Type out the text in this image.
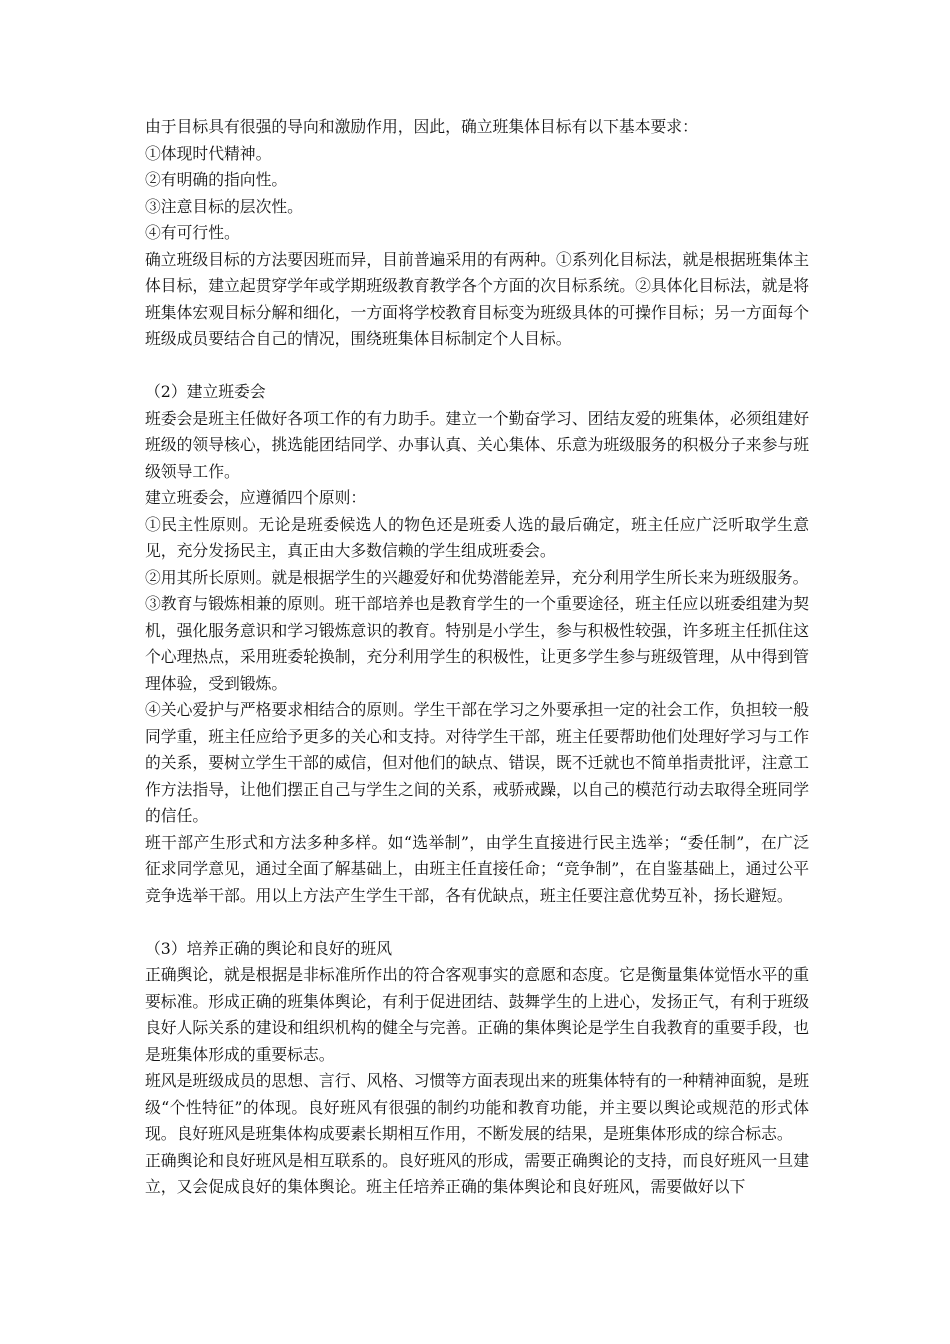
由于目标具有很强的导向和激励作用，因此，确立班集体目标有以下基本要求：

①体现时代精神。

②有明确的指向性。

③注意目标的层次性。

④有可行性。

确立班级目标的方法要因班而异，目前普遍采用的有两种。①系列化目标法，就是根据班集体主体目标，建立起贯穿学年或学期班级教育教学各个方面的次目标系统。②具体化目标法，就是将班集体宏观目标分解和细化，一方面将学校教育目标变为班级具体的可操作目标；另一方面每个班级成员要结合自己的情况，围绕班集体目标制定个人目标。

（2）建立班委会

班委会是班主任做好各项工作的有力助手。建立一个勤奋学习、团结友爱的班集体，必须组建好班级的领导核心，挑选能团结同学、办事认真、关心集体、乐意为班级服务的积极分子来参与班级领导工作。

建立班委会，应遵循四个原则：

①民主性原则。无论是班委候选人的物色还是班委人选的最后确定，班主任应广泛听取学生意见，充分发扬民主，真正由大多数信赖的学生组成班委会。

②用其所长原则。就是根据学生的兴趣爱好和优势潜能差异，充分利用学生所长来为班级服务。

③教育与锻炼相兼的原则。班干部培养也是教育学生的一个重要途径，班主任应以班委组建为契机，强化服务意识和学习锻炼意识的教育。特别是小学生，参与积极性较强，许多班主任抓住这个心理热点，采用班委轮换制，充分利用学生的积极性，让更多学生参与班级管理，从中得到管理体验，受到锻炼。

④关心爱护与严格要求相结合的原则。学生干部在学习之外要承担一定的社会工作，负担较一般同学重，班主任应给予更多的关心和支持。对待学生干部，班主任要帮助他们处理好学习与工作的关系，要树立学生干部的威信，但对他们的缺点、错误，既不迁就也不简单指责批评，注意工作方法指导，让他们摆正自己与学生之间的关系，戒骄戒躁，以自己的模范行动去取得全班同学的信任。

班干部产生形式和方法多种多样。如“选举制”，由学生直接进行民主选举；“委任制”，在广泛征求同学意见，通过全面了解基础上，由班主任直接任命；“竞争制”，在自鉴基础上，通过公平竞争选举干部。用以上方法产生学生干部，各有优缺点，班主任要注意优势互补，扬长避短。

（3）培养正确的舆论和良好的班风

正确舆论，就是根据是非标准所作出的符合客观事实的意愿和态度。它是衡量集体觉悟水平的重要标准。形成正确的班集体舆论，有利于促进团结、鼓舞学生的上进心，发扬正气，有利于班级良好人际关系的建设和组织机构的健全与完善。正确的集体舆论是学生自我教育的重要手段，也是班集体形成的重要标志。

班风是班级成员的思想、言行、风格、习惯等方面表现出来的班集体特有的一种精神面貌，是班级“个性特征”的体现。良好班风有很强的制约功能和教育功能，并主要以舆论或规范的形式体现。良好班风是班集体构成要素长期相互作用，不断发展的结果，是班集体形成的综合标志。

正确舆论和良好班风是相互联系的。良好班风的形成，需要正确舆论的支持，而良好班风一旦建立，又会促成良好的集体舆论。班主任培养正确的集体舆论和良好班风，需要做好以下
